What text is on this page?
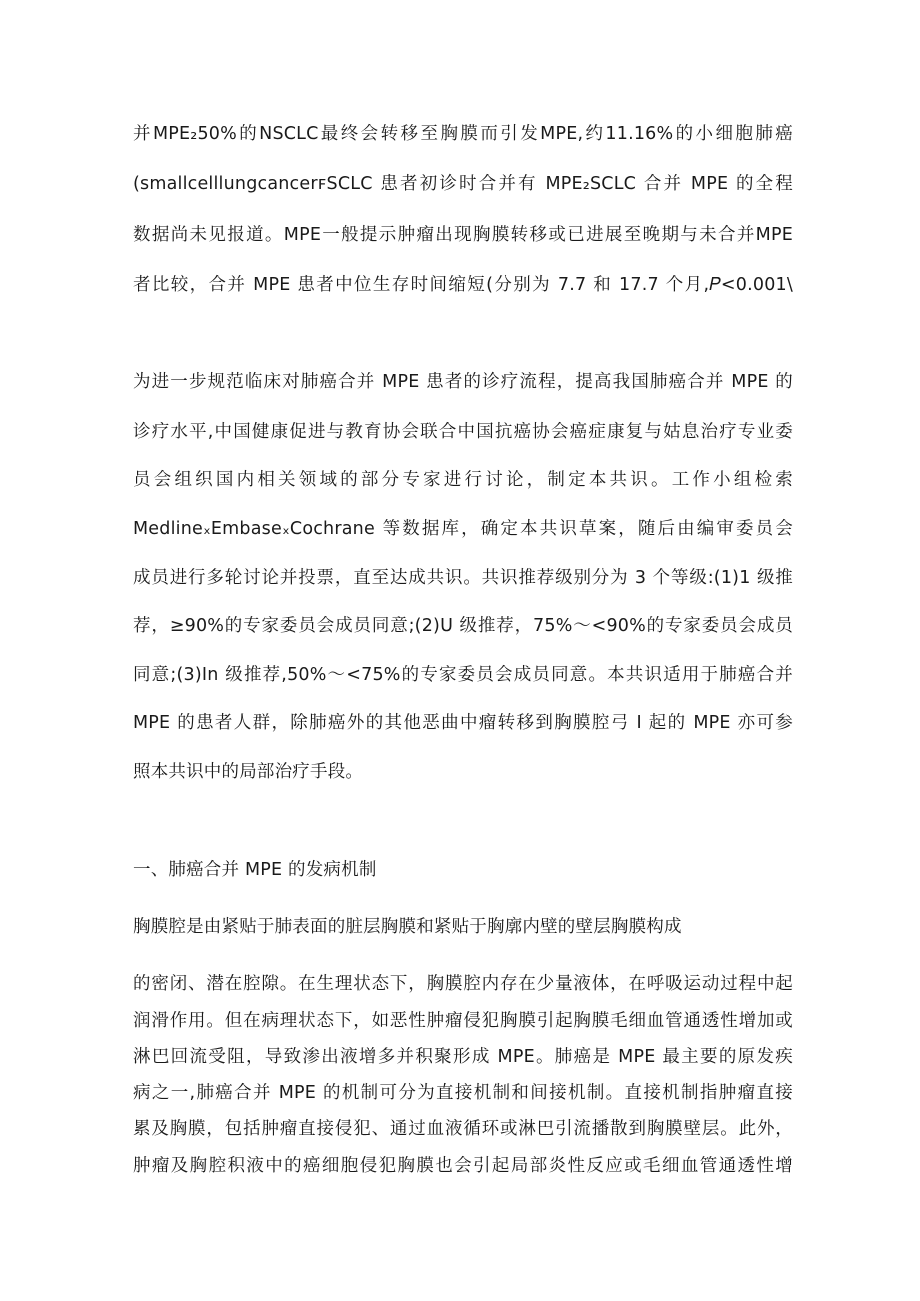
并MPE₂50%的NSCLC最终会转移至胸膜而引发MPE,约11.16%的小细胞肺癌
(smallcelllungcancerꜰSCLC 患者初诊时合并有 MPE₂SCLC 合并 MPE 的全程
数据尚未见报道。MPE一般提示肿瘤出现胸膜转移或已进展至晚期与未合并MPE
者比较，合并 MPE 患者中位生存时间缩短(分别为 7.7 和 17.7 个月,𝑃<0.001\
为进一步规范临床对肺癌合并 MPE 患者的诊疗流程，提高我国肺癌合并 MPE 的
诊疗水平,中国健康促进与教育协会联合中国抗癌协会癌症康复与姑息治疗专业委
员会组织国内相关领域的部分专家进行讨论，制定本共识。工作小组检索
MedlineₓEmbaseₓCochrane 等数据库，确定本共识草案，随后由编审委员会
成员进行多轮讨论并投票，直至达成共识。共识推荐级别分为 3 个等级:(1)1 级推
荐，≥90%的专家委员会成员同意;(2)U 级推荐，75%～<90%的专家委员会成员
同意;(3)In 级推荐,50%～<75%的专家委员会成员同意。本共识适用于肺癌合并
MPE 的患者人群，除肺癌外的其他恶曲中瘤转移到胸膜腔弓 I 起的 MPE 亦可参
照本共识中的局部治疗手段。
一、肺癌合并 MPE 的发病机制
胸膜腔是由紧贴于肺表面的脏层胸膜和紧贴于胸廓内壁的壁层胸膜构成
的密闭、潜在腔隙。在生理状态下，胸膜腔内存在少量液体，在呼吸运动过程中起
润滑作用。但在病理状态下，如恶性肿瘤侵犯胸膜引起胸膜毛细血管通透性增加或
淋巴回流受阻，导致渗出液增多并积聚形成 MPE。肺癌是 MPE 最主要的原发疾
病之一,肺癌合并 MPE 的机制可分为直接机制和间接机制。直接机制指肿瘤直接
累及胸膜，包括肿瘤直接侵犯、通过血液循环或淋巴引流播散到胸膜壁层。此外，
肿瘤及胸腔积液中的癌细胞侵犯胸膜也会引起局部炎性反应或毛细血管通透性增
